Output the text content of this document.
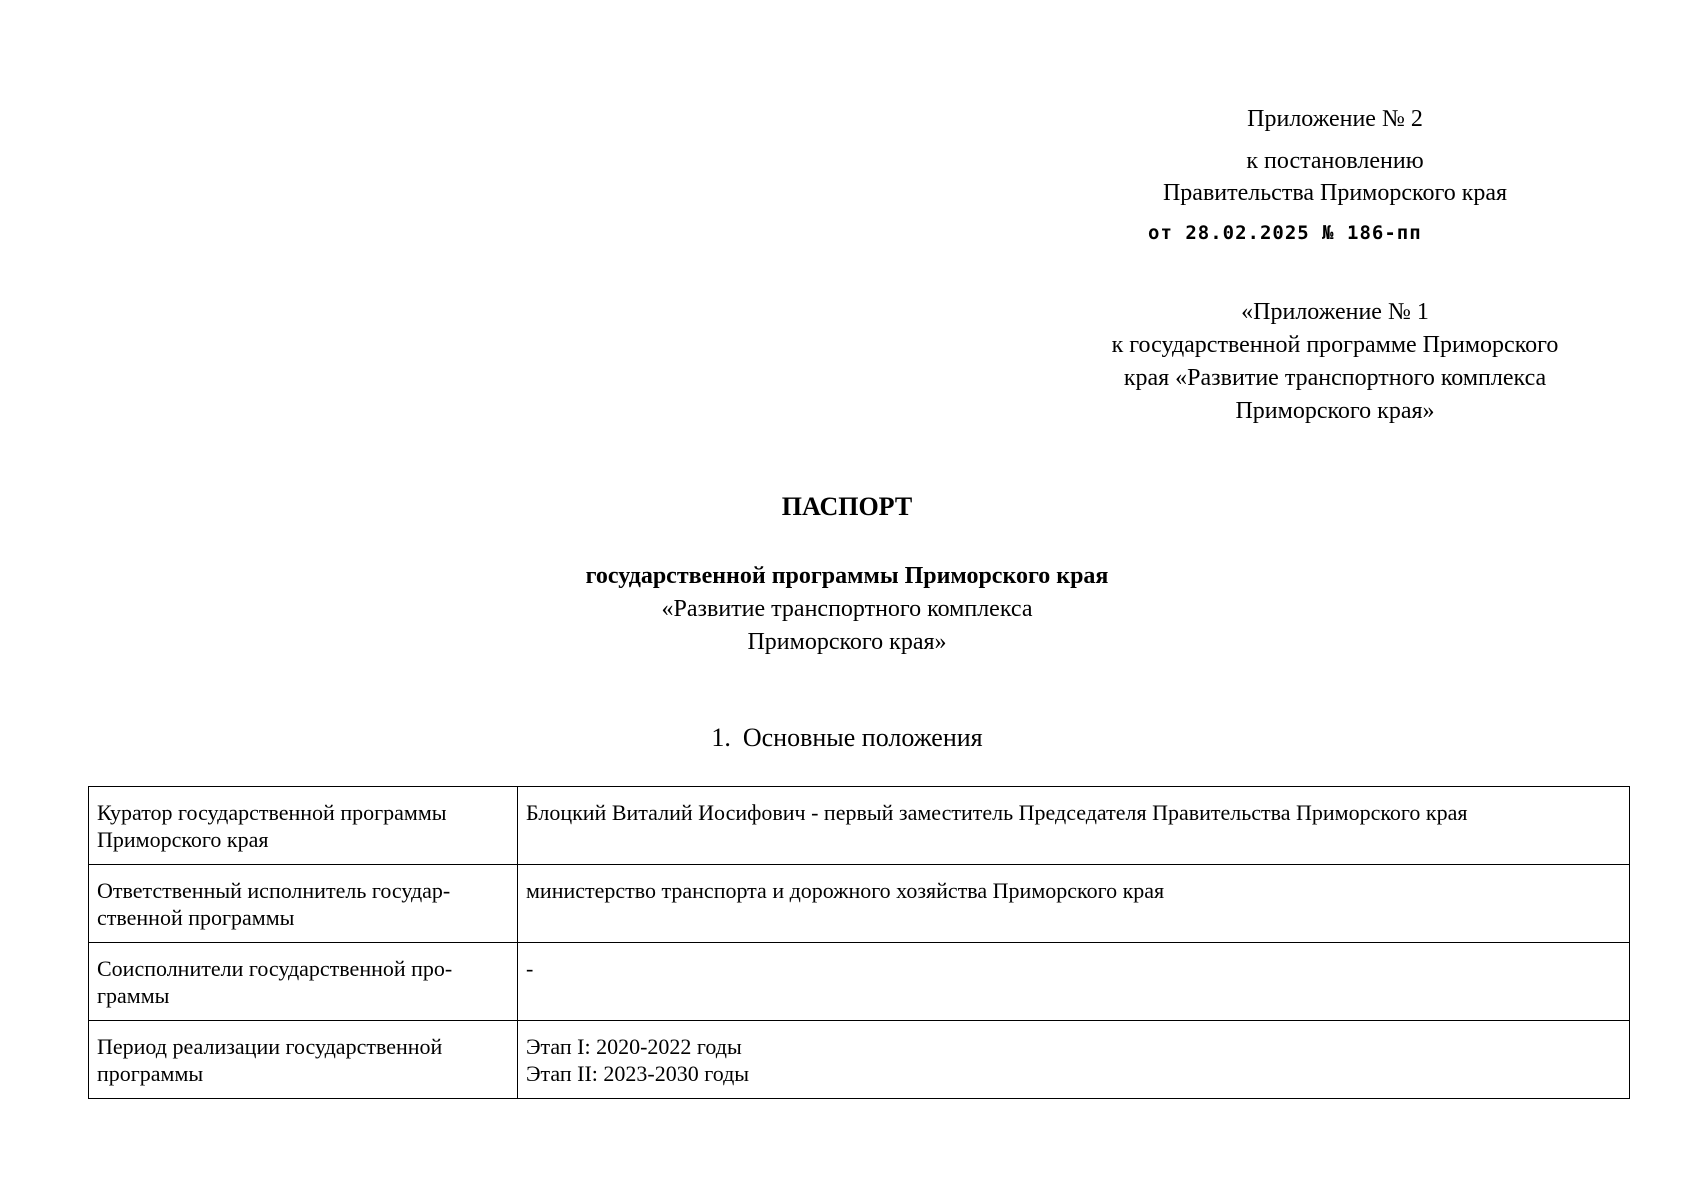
Приложение № 2
к постановлению
Правительства Приморского края
от 28.02.2025 № 186-пп
«Приложение № 1
к государственной программе Приморского
края «Развитие транспортного комплекса
Приморского края»
ПАСПОРТ
государственной программы Приморского края
«Развитие транспортного комплекса
Приморского края»
1. Основные положения
Куратор государственной программы
Приморского края	Блоцкий Виталий Иосифович - первый заместитель Председателя Правительства Приморского края

Ответственный исполнитель государ-
ственной программы	министерство транспорта и дорожного хозяйства Приморского края

Соисполнители государственной про-
граммы	-

Период реализации государственной
программы	Этап I: 2020-2022 годы
Этап II: 2023-2030 годы
